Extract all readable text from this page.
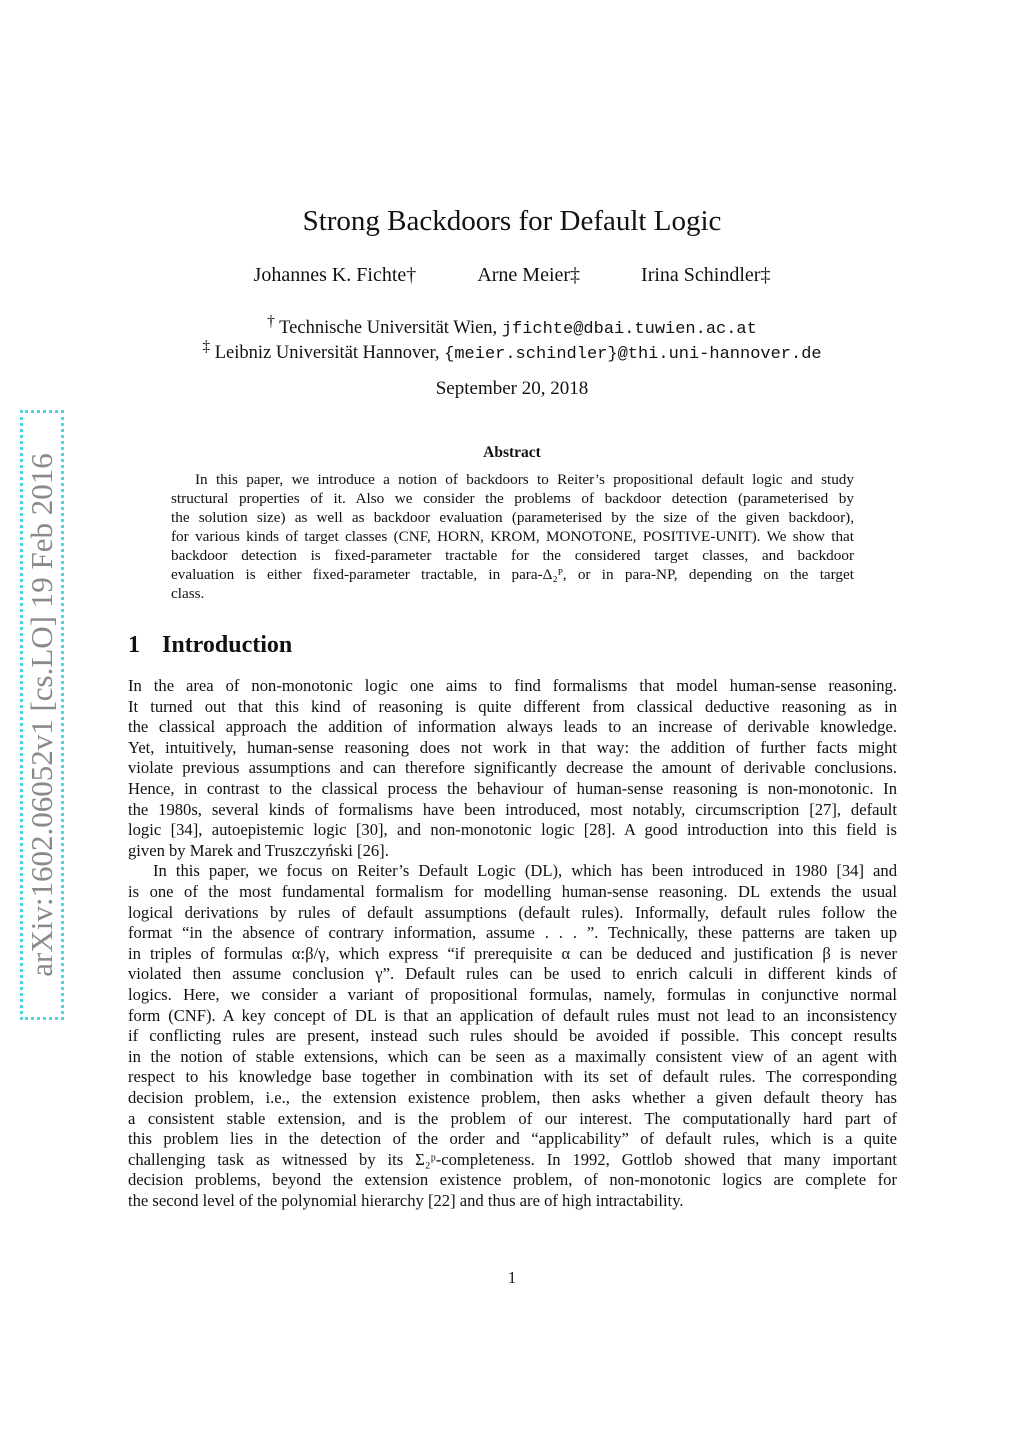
arXiv:1602.06052v1 [cs.LO] 19 Feb 2016
Strong Backdoors for Default Logic
Johannes K. Fichte†	Arne Meier‡	Irina Schindler‡
† Technische Universität Wien, jfichte@dbai.tuwien.ac.at
‡ Leibniz Universität Hannover, {meier.schindler}@thi.uni-hannover.de
September 20, 2018
Abstract
In this paper, we introduce a notion of backdoors to Reiter’s propositional default logic and study
structural properties of it. Also we consider the problems of backdoor detection (parameterised by
the solution size) as well as backdoor evaluation (parameterised by the size of the given backdoor),
for various kinds of target classes (CNF, HORN, KROM, MONOTONE, POSITIVE-UNIT). We show that
backdoor detection is fixed-parameter tractable for the considered target classes, and backdoor
evaluation is either fixed-parameter tractable, in para-Δ₂ᴾ, or in para-NP, depending on the target
class.
1 Introduction
In the area of non-monotonic logic one aims to find formalisms that model human-sense reasoning.
It turned out that this kind of reasoning is quite different from classical deductive reasoning as in
the classical approach the addition of information always leads to an increase of derivable knowledge.
Yet, intuitively, human-sense reasoning does not work in that way: the addition of further facts might
violate previous assumptions and can therefore significantly decrease the amount of derivable conclusions.
Hence, in contrast to the classical process the behaviour of human-sense reasoning is non-monotonic. In
the 1980s, several kinds of formalisms have been introduced, most notably, circumscription [27], default
logic [34], autoepistemic logic [30], and non-monotonic logic [28]. A good introduction into this field is
given by Marek and Truszczyński [26].
In this paper, we focus on Reiter’s Default Logic (DL), which has been introduced in 1980 [34] and
is one of the most fundamental formalism for modelling human-sense reasoning. DL extends the usual
logical derivations by rules of default assumptions (default rules). Informally, default rules follow the
format “in the absence of contrary information, assume . . . ”. Technically, these patterns are taken up
in triples of formulas α:β/γ, which express “if prerequisite α can be deduced and justification β is never
violated then assume conclusion γ”. Default rules can be used to enrich calculi in different kinds of
logics. Here, we consider a variant of propositional formulas, namely, formulas in conjunctive normal
form (CNF). A key concept of DL is that an application of default rules must not lead to an inconsistency
if conflicting rules are present, instead such rules should be avoided if possible. This concept results
in the notion of stable extensions, which can be seen as a maximally consistent view of an agent with
respect to his knowledge base together in combination with its set of default rules. The corresponding
decision problem, i.e., the extension existence problem, then asks whether a given default theory has
a consistent stable extension, and is the problem of our interest. The computationally hard part of
this problem lies in the detection of the order and “applicability” of default rules, which is a quite
challenging task as witnessed by its Σ₂ᵖ-completeness. In 1992, Gottlob showed that many important
decision problems, beyond the extension existence problem, of non-monotonic logics are complete for
the second level of the polynomial hierarchy [22] and thus are of high intractability.
1
